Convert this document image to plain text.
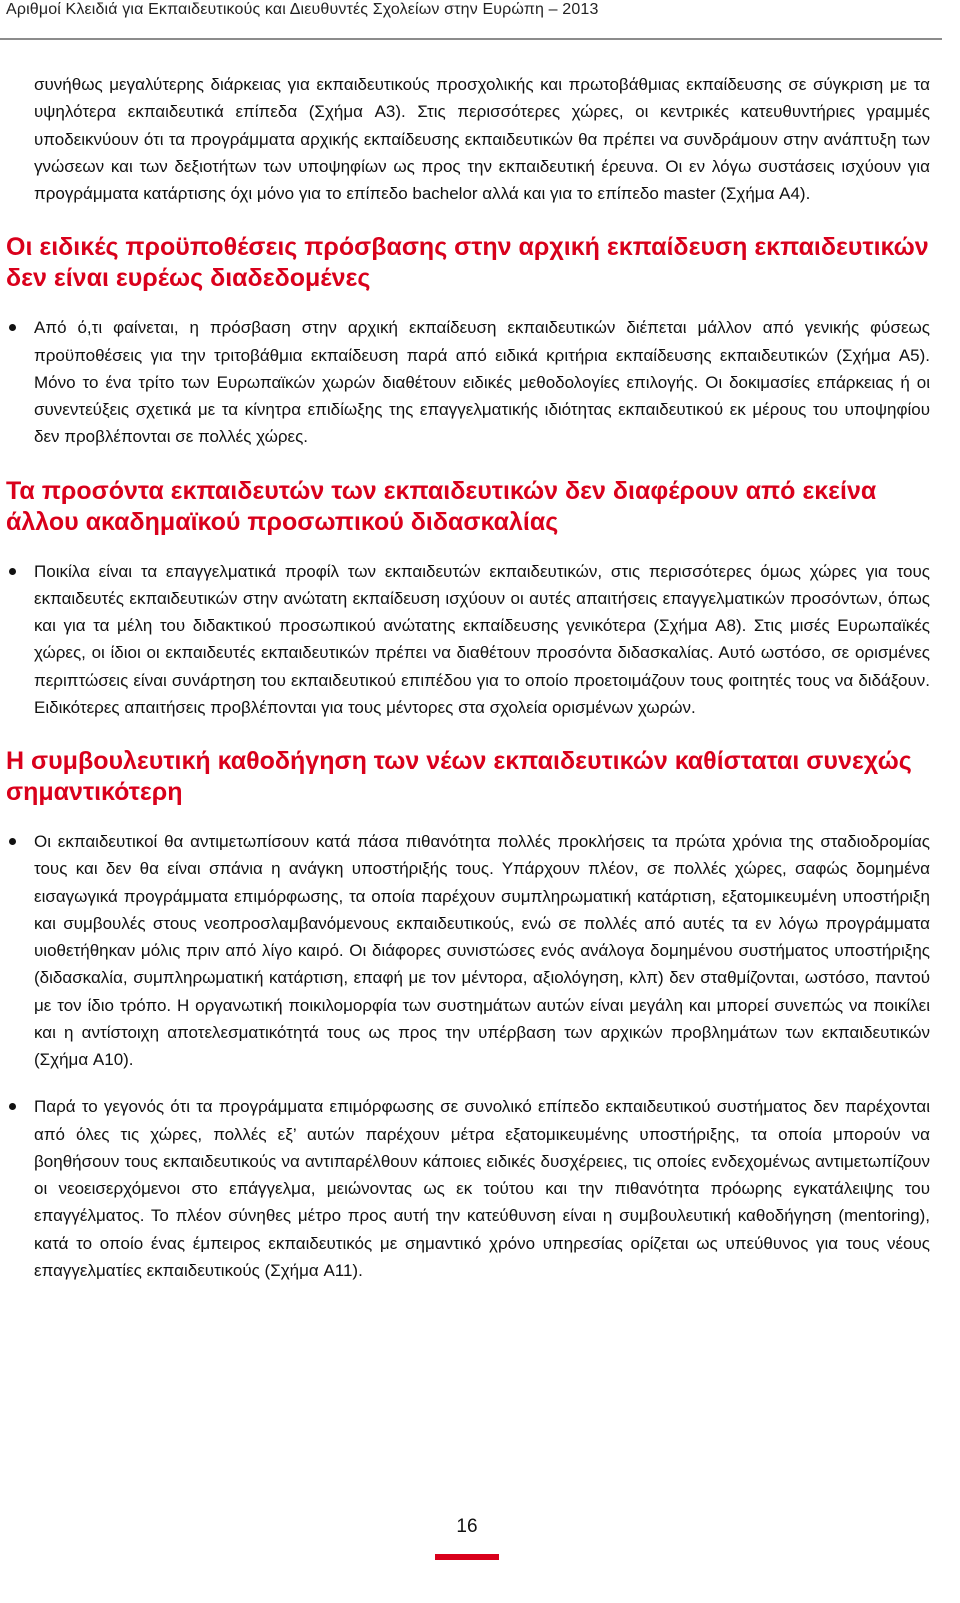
Αριθμοί Κλειδιά για Εκπαιδευτικούς και Διευθυντές Σχολείων στην Ευρώπη – 2013

συνήθως μεγαλύτερης διάρκειας για εκπαιδευτικούς προσχολικής και πρωτοβάθμιας εκπαίδευσης σε σύγκριση με τα υψηλότερα εκπαιδευτικά επίπεδα (Σχήμα A3). Στις περισσότερες χώρες, οι κεντρικές κατευθυντήριες γραμμές υποδεικνύουν ότι τα προγράμματα αρχικής εκπαίδευσης εκπαιδευτικών θα πρέπει να συνδράμουν στην ανάπτυξη των γνώσεων και των δεξιοτήτων των υποψηφίων ως προς την εκπαιδευτική έρευνα. Οι εν λόγω συστάσεις ισχύουν για προγράμματα κατάρτισης όχι μόνο για το επίπεδο bachelor αλλά και για το επίπεδο master (Σχήμα A4).

Οι ειδικές προϋποθέσεις πρόσβασης στην αρχική εκπαίδευση εκπαιδευτικών δεν είναι ευρέως διαδεδομένες

Από ό,τι φαίνεται, η πρόσβαση στην αρχική εκπαίδευση εκπαιδευτικών διέπεται μάλλον από γενικής φύσεως προϋποθέσεις για την τριτοβάθμια εκπαίδευση παρά από ειδικά κριτήρια εκπαίδευσης εκπαιδευτικών (Σχήμα A5). Μόνο το ένα τρίτο των Ευρωπαϊκών χωρών διαθέτουν ειδικές μεθοδολογίες επιλογής. Οι δοκιμασίες επάρκειας ή οι συνεντεύξεις σχετικά με τα κίνητρα επιδίωξης της επαγγελματικής ιδιότητας εκπαιδευτικού εκ μέρους του υποψηφίου δεν προβλέπονται σε πολλές χώρες.

Τα προσόντα εκπαιδευτών των εκπαιδευτικών δεν διαφέρουν από εκείνα άλλου ακαδημαϊκού προσωπικού διδασκαλίας

Ποικίλα είναι τα επαγγελματικά προφίλ των εκπαιδευτών εκπαιδευτικών, στις περισσότερες όμως χώρες για τους εκπαιδευτές εκπαιδευτικών στην ανώτατη εκπαίδευση ισχύουν οι αυτές απαιτήσεις επαγγελματικών προσόντων, όπως και για τα μέλη του διδακτικού προσωπικού ανώτατης εκπαίδευσης γενικότερα (Σχήμα A8). Στις μισές Ευρωπαϊκές χώρες, οι ίδιοι οι εκπαιδευτές εκπαιδευτικών πρέπει να διαθέτουν προσόντα διδασκαλίας. Αυτό ωστόσο, σε ορισμένες περιπτώσεις είναι συνάρτηση του εκπαιδευτικού επιπέδου για το οποίο προετοιμάζουν τους φοιτητές τους να διδάξουν. Ειδικότερες απαιτήσεις προβλέπονται για τους μέντορες στα σχολεία ορισμένων χωρών.

Η συμβουλευτική καθοδήγηση των νέων εκπαιδευτικών καθίσταται συνεχώς σημαντικότερη

Οι εκπαιδευτικοί θα αντιμετωπίσουν κατά πάσα πιθανότητα πολλές προκλήσεις τα πρώτα χρόνια της σταδιοδρομίας τους και δεν θα είναι σπάνια η ανάγκη υποστήριξής τους. Υπάρχουν πλέον, σε πολλές χώρες, σαφώς δομημένα εισαγωγικά προγράμματα επιμόρφωσης, τα οποία παρέχουν συμπληρωματική κατάρτιση, εξατομικευμένη υποστήριξη και συμβουλές στους νεοπροσλαμβανόμενους εκπαιδευτικούς, ενώ σε πολλές από αυτές τα εν λόγω προγράμματα υιοθετήθηκαν μόλις πριν από λίγο καιρό. Οι διάφορες συνιστώσες ενός ανάλογα δομημένου συστήματος υποστήριξης (διδασκαλία, συμπληρωματική κατάρτιση, επαφή με τον μέντορα, αξιολόγηση, κλπ) δεν σταθμίζονται, ωστόσο, παντού με τον ίδιο τρόπο. Η οργανωτική ποικιλομορφία των συστημάτων αυτών είναι μεγάλη και μπορεί συνεπώς να ποικίλει και η αντίστοιχη αποτελεσματικότητά τους ως προς την υπέρβαση των αρχικών προβλημάτων των εκπαιδευτικών (Σχήμα A10).

Παρά το γεγονός ότι τα προγράμματα επιμόρφωσης σε συνολικό επίπεδο εκπαιδευτικού συστήματος δεν παρέχονται από όλες τις χώρες, πολλές εξ’ αυτών παρέχουν μέτρα εξατομικευμένης υποστήριξης, τα οποία μπορούν να βοηθήσουν τους εκπαιδευτικούς να αντιπαρέλθουν κάποιες ειδικές δυσχέρειες, τις οποίες ενδεχομένως αντιμετωπίζουν οι νεοεισερχόμενοι στο επάγγελμα, μειώνοντας ως εκ τούτου και την πιθανότητα πρόωρης εγκατάλειψης του επαγγέλματος. Το πλέον σύνηθες μέτρο προς αυτή την κατεύθυνση είναι η συμβουλευτική καθοδήγηση (mentoring), κατά το οποίο ένας έμπειρος εκπαιδευτικός με σημαντικό χρόνο υπηρεσίας ορίζεται ως υπεύθυνος για τους νέους επαγγελματίες εκπαιδευτικούς (Σχήμα A11).

16
